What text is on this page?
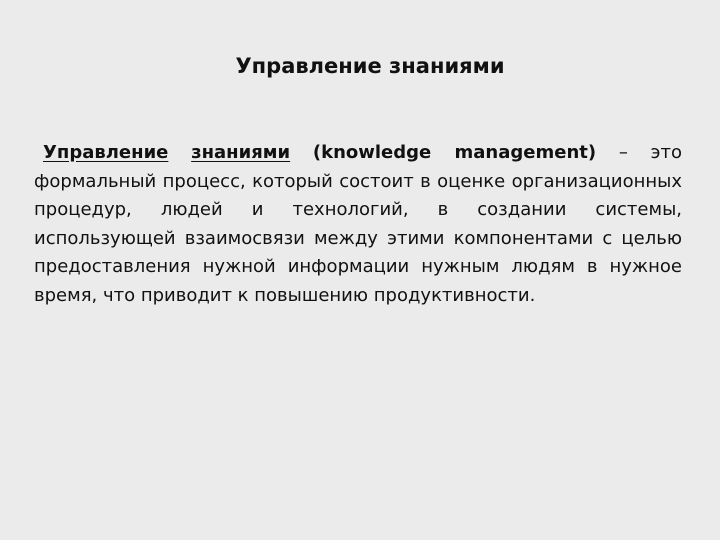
Управление знаниями

Управление знаниями (knowledge management) – это формальный процесс, который состоит в оценке организационных процедур, людей и технологий, в создании системы, использующей взаимосвязи между этими компонентами с целью предоставления нужной информации нужным людям в нужное время, что приводит к повышению продуктивности.
